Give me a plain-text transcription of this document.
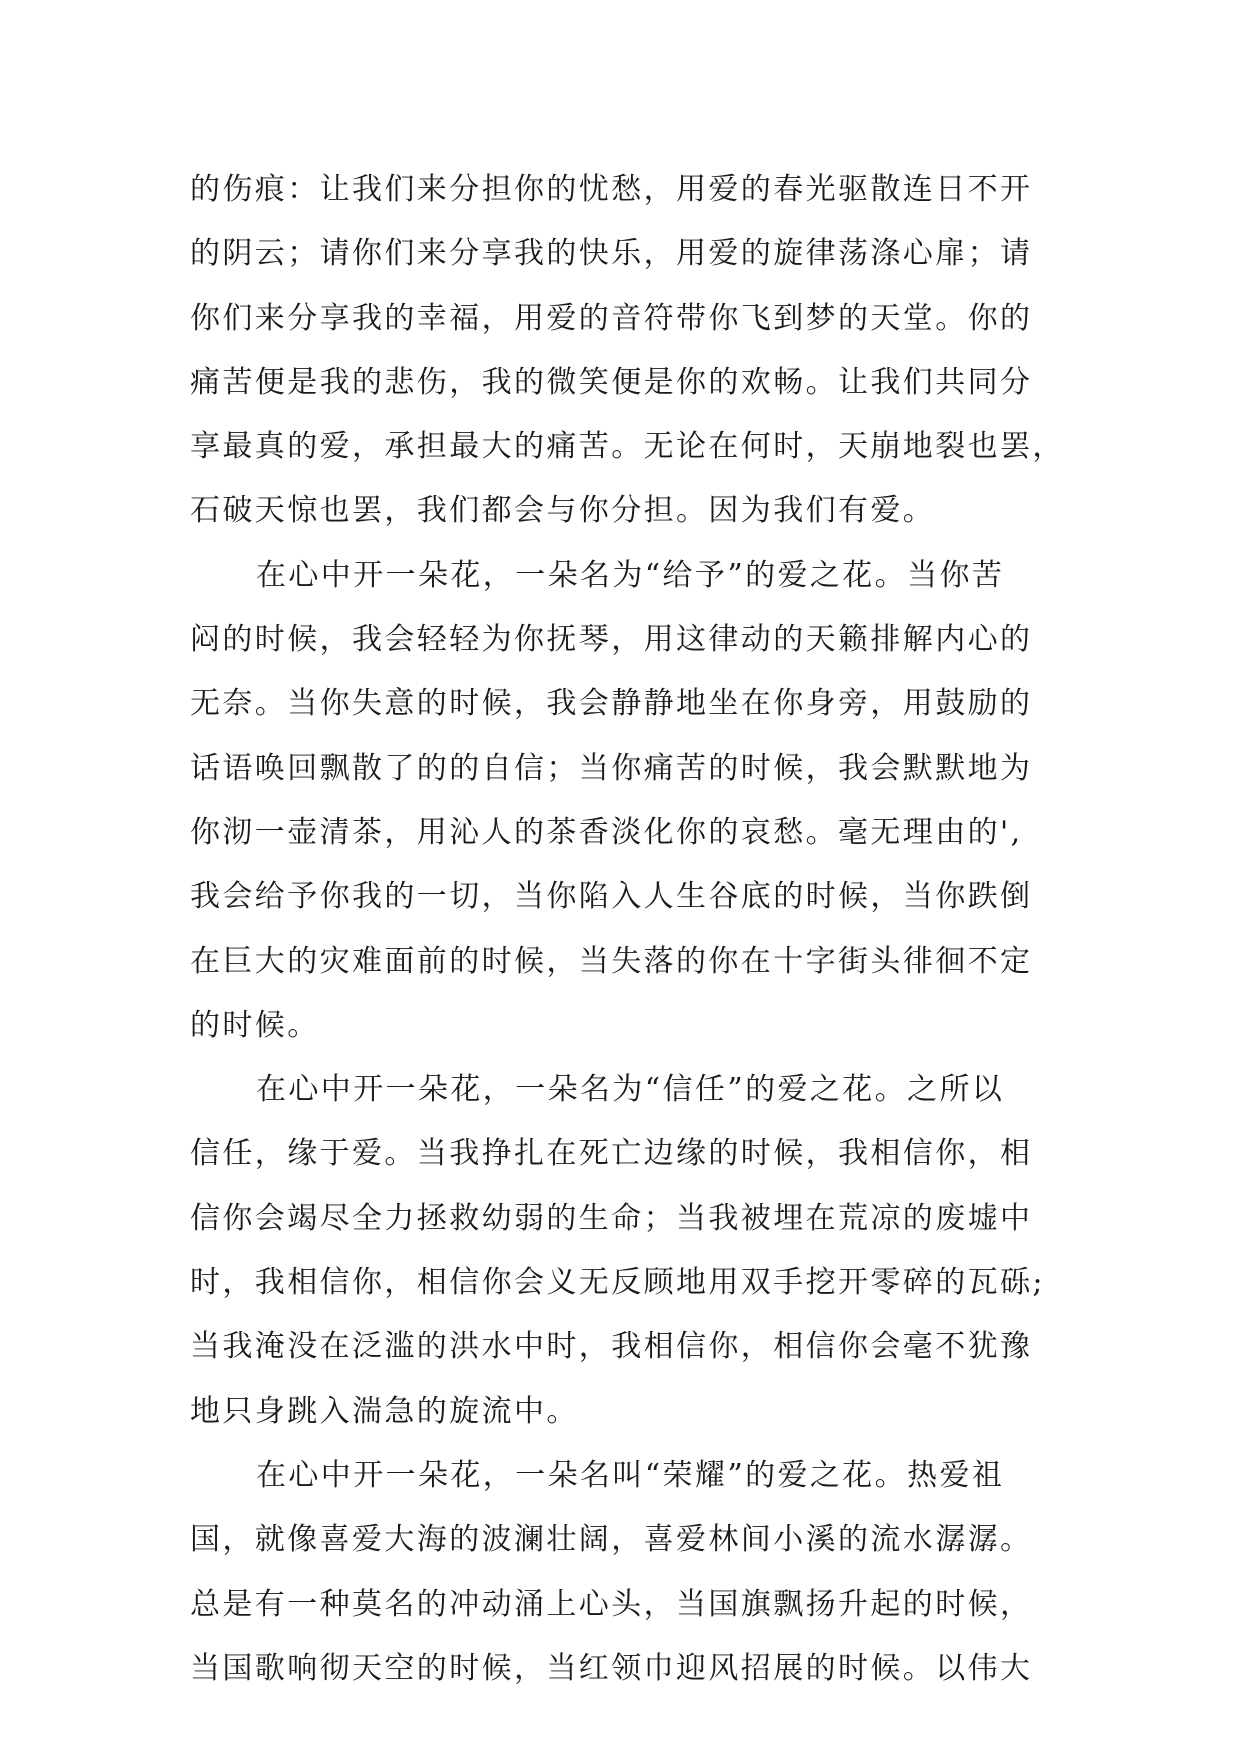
的伤痕：让我们来分担你的忧愁，用爱的春光驱散连日不开
的阴云；请你们来分享我的快乐，用爱的旋律荡涤心扉；请
你们来分享我的幸福，用爱的音符带你飞到梦的天堂。你的
痛苦便是我的悲伤，我的微笑便是你的欢畅。让我们共同分
享最真的爱，承担最大的痛苦。无论在何时，天崩地裂也罢，
石破天惊也罢，我们都会与你分担。因为我们有爱。
在心中开一朵花，一朵名为“给予”的爱之花。当你苦
闷的时候，我会轻轻为你抚琴，用这律动的天籁排解内心的
无奈。当你失意的时候，我会静静地坐在你身旁，用鼓励的
话语唤回飘散了的的自信；当你痛苦的时候，我会默默地为
你沏一壶清茶，用沁人的茶香淡化你的哀愁。毫无理由的',
我会给予你我的一切，当你陷入人生谷底的时候，当你跌倒
在巨大的灾难面前的时候，当失落的你在十字街头徘徊不定
的时候。
在心中开一朵花，一朵名为“信任”的爱之花。之所以
信任，缘于爱。当我挣扎在死亡边缘的时候，我相信你，相
信你会竭尽全力拯救幼弱的生命；当我被埋在荒凉的废墟中
时，我相信你，相信你会义无反顾地用双手挖开零碎的瓦砾;
当我淹没在泛滥的洪水中时，我相信你，相信你会毫不犹豫
地只身跳入湍急的旋流中。
在心中开一朵花，一朵名叫“荣耀”的爱之花。热爱祖
国，就像喜爱大海的波澜壮阔，喜爱林间小溪的流水潺潺。
总是有一种莫名的冲动涌上心头，当国旗飘扬升起的时候，
当国歌响彻天空的时候，当红领巾迎风招展的时候。以伟大
